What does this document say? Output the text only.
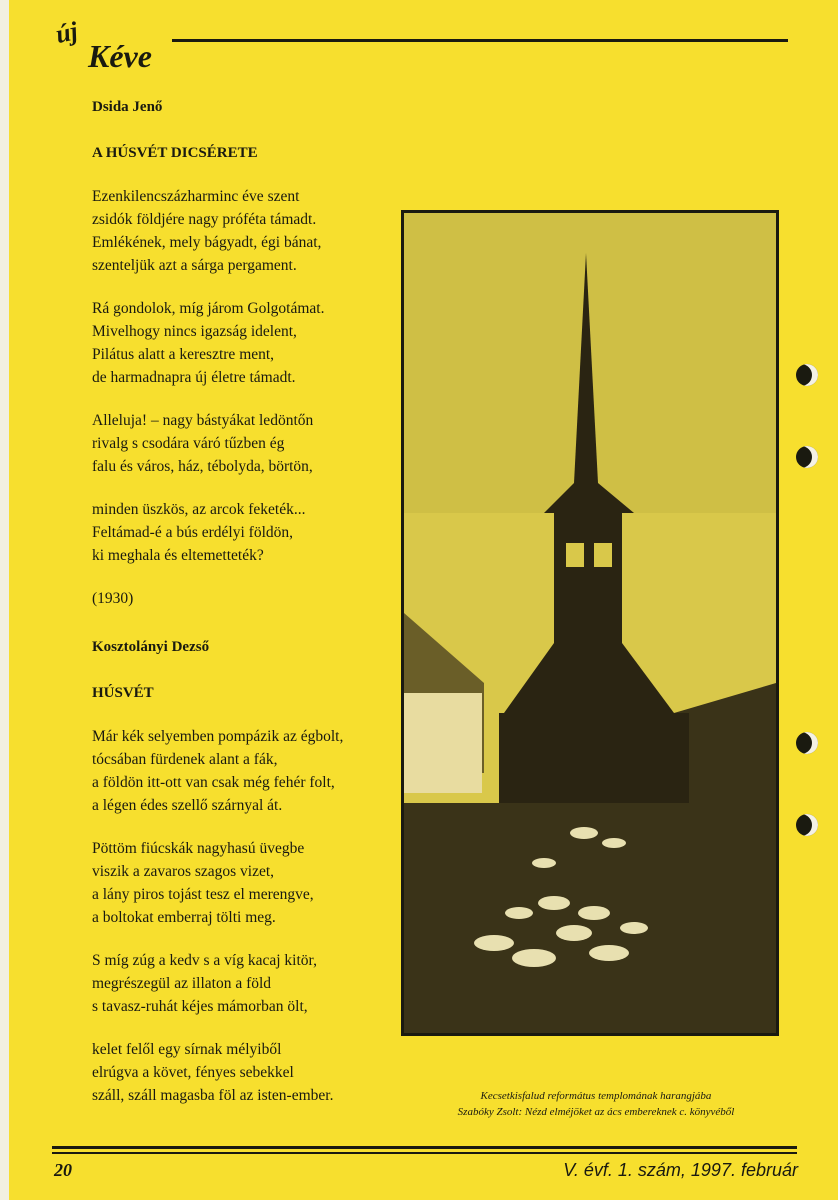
új
Kéve

Dsida Jenő

A HÚSVÉT DICSÉRETE

Ezenkilencszázharminc éve szent
zsidók földjére nagy próféta támadt.
Emlékének, mely bágyadt, égi bánat,
szenteljük azt a sárga pergament.
Rá gondolok, míg járom Golgotámat.
Mivelhogy nincs igazság idelent,
Pilátus alatt a keresztre ment,
de harmadnapra új életre támadt.
Alleluja! – nagy bástyákat ledöntőn
rivalg s csodára váró tűzben ég
falu és város, ház, tébolyda, börtön,
minden üszkös, az arcok feketék...
Feltámad-é a bús erdélyi földön,
ki meghala és eltemetteték?
(1930)

Kosztolányi Dezső

HÚSVÉT

Már kék selyemben pompázik az égbolt,
tócsában fürdenek alant a fák,
a földön itt-ott van csak még fehér folt,
a légen édes szellő szárnyal át.
Pöttöm fiúcskák nagyhasú üvegbe
viszik a zavaros szagos vizet,
a lány piros tojást tesz el merengve,
a boltokat emberraj tölti meg.
S míg zúg a kedv s a víg kacaj kitör,
megrészegül az illaton a föld
s tavasz-ruhát kéjes mámorban ölt,
kelet felől egy sírnak mélyiből
elrúgva a követ, fényes sebekkel
száll, száll magasba föl az isten-ember.	Kecsetkisfalud református templomának harangjába
Szabóky Zsolt: Nézd elméjöket az ács embereknek c. könyvéből
20	V. évf. 1. szám, 1997. február
